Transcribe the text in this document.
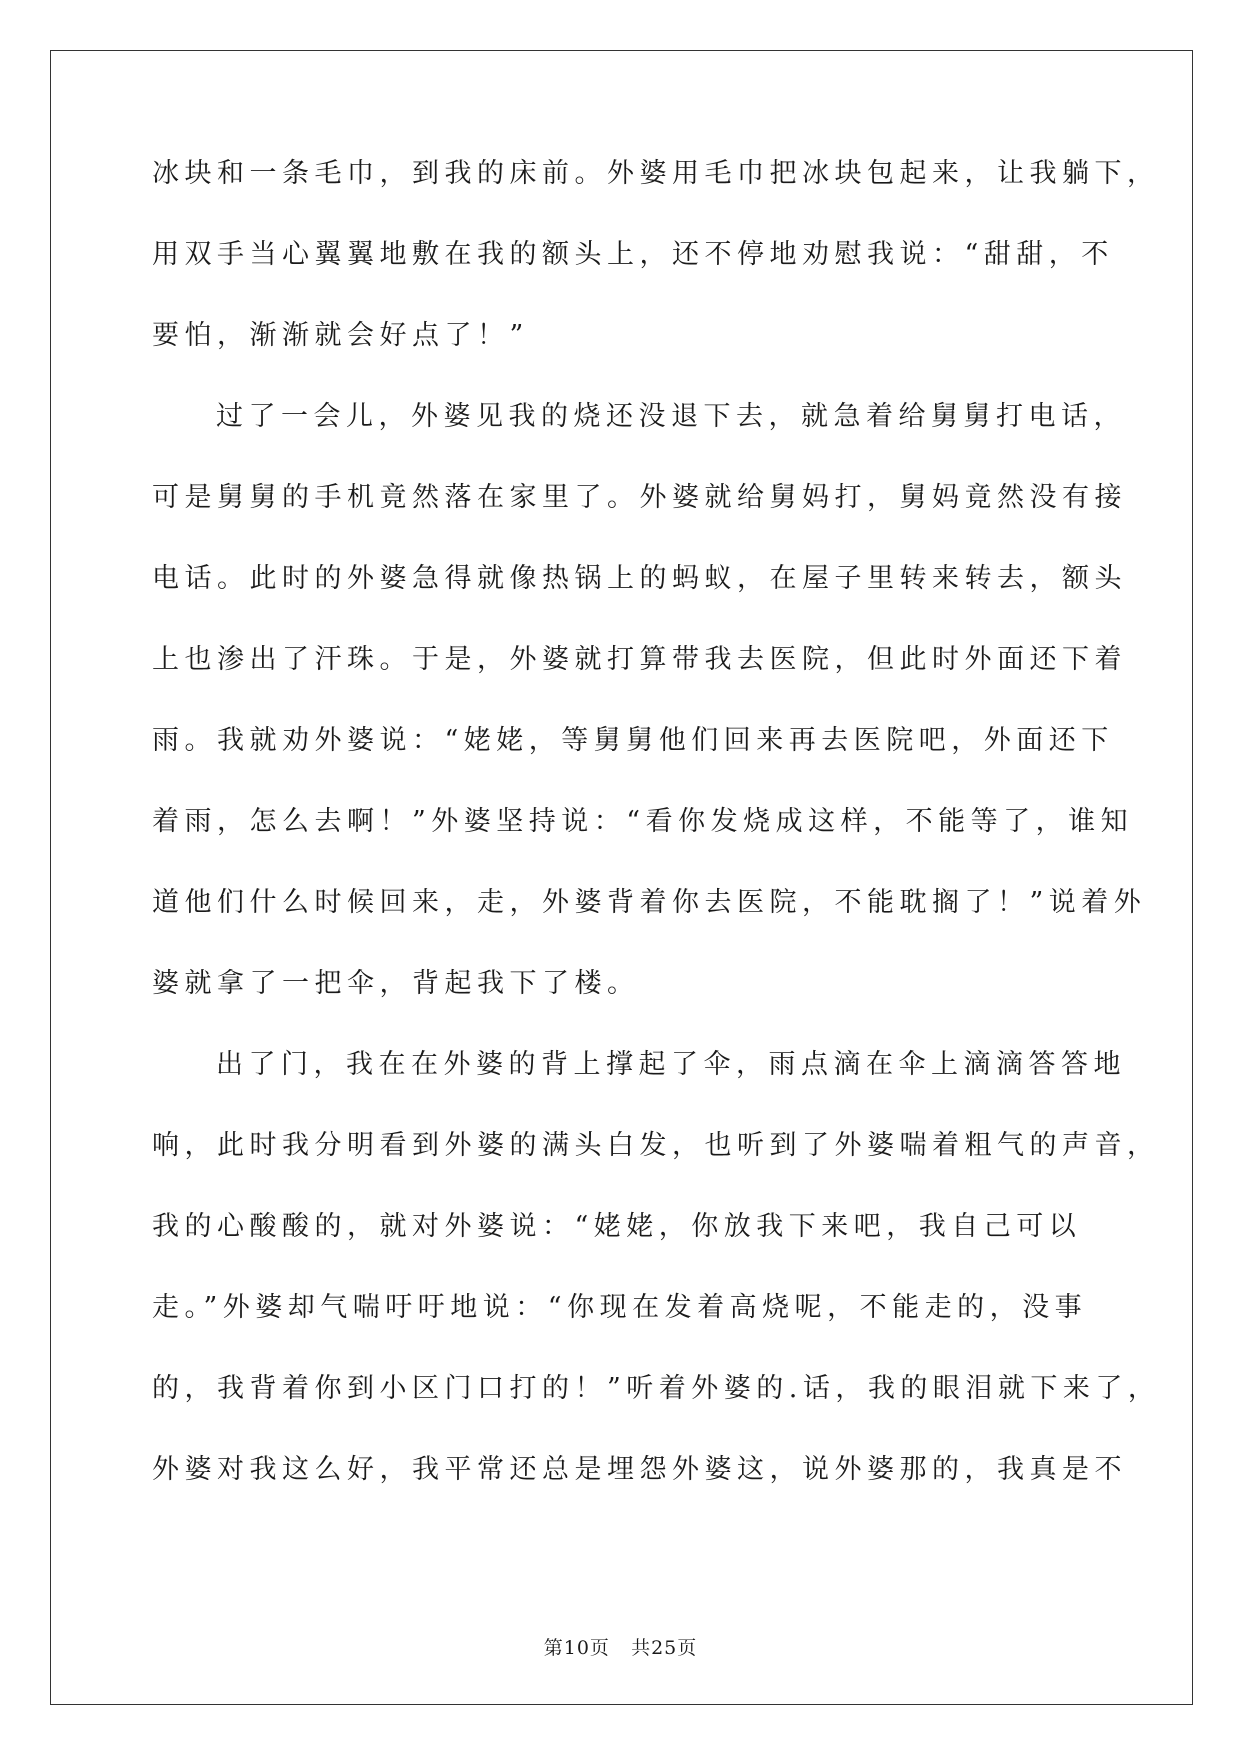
冰块和一条毛巾，到我的床前。外婆用毛巾把冰块包起来，让我躺下，
用双手当心翼翼地敷在我的额头上，还不停地劝慰我说：“甜甜，不
要怕，渐渐就会好点了！”
过了一会儿，外婆见我的烧还没退下去，就急着给舅舅打电话，
可是舅舅的手机竟然落在家里了。外婆就给舅妈打，舅妈竟然没有接
电话。此时的外婆急得就像热锅上的蚂蚁，在屋子里转来转去，额头
上也渗出了汗珠。于是，外婆就打算带我去医院，但此时外面还下着
雨。我就劝外婆说：“姥姥，等舅舅他们回来再去医院吧，外面还下
着雨，怎么去啊！”外婆坚持说：“看你发烧成这样，不能等了，谁知
道他们什么时候回来，走，外婆背着你去医院，不能耽搁了！”说着外
婆就拿了一把伞，背起我下了楼。
出了门，我在在外婆的背上撑起了伞，雨点滴在伞上滴滴答答地
响，此时我分明看到外婆的满头白发，也听到了外婆喘着粗气的声音，
我的心酸酸的，就对外婆说：“姥姥，你放我下来吧，我自己可以
走。”外婆却气喘吁吁地说：“你现在发着高烧呢，不能走的，没事
的，我背着你到小区门口打的！”听着外婆的.话，我的眼泪就下来了，
外婆对我这么好，我平常还总是埋怨外婆这，说外婆那的，我真是不
第10页 共25页
